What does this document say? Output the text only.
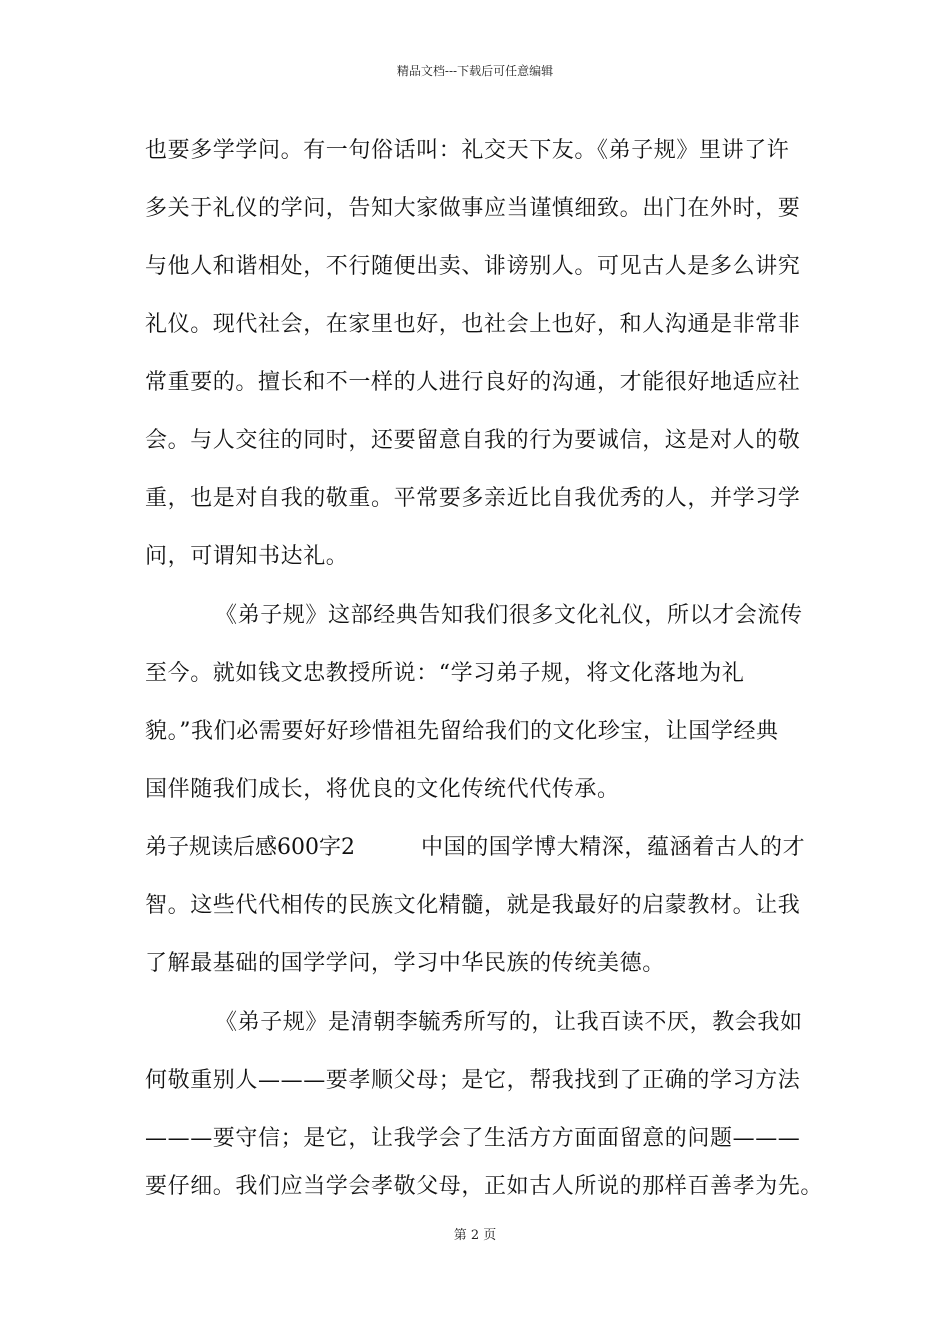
精品文档---下载后可任意编辑
也要多学学问。有一句俗话叫：礼交天下友。《弟子规》里讲了许
多关于礼仪的学问，告知大家做事应当谨慎细致。出门在外时，要
与他人和谐相处，不行随便出卖、诽谤别人。可见古人是多么讲究
礼仪。现代社会，在家里也好，也社会上也好，和人沟通是非常非
常重要的。擅长和不一样的人进行良好的沟通，才能很好地适应社
会。与人交往的同时，还要留意自我的行为要诚信，这是对人的敬
重，也是对自我的敬重。平常要多亲近比自我优秀的人，并学习学
问，可谓知书达礼。
《弟子规》这部经典告知我们很多文化礼仪，所以才会流传
至今。就如钱文忠教授所说：“学习弟子规，将文化落地为礼
貌。”我们必需要好好珍惜祖先留给我们的文化珍宝，让国学经典
国伴随我们成长，将优良的文化传统代代传承。
弟子规读后感600字2	中国的国学博大精深，蕴涵着古人的才
智。这些代代相传的民族文化精髓，就是我最好的启蒙教材。让我
了解最基础的国学学问，学习中华民族的传统美德。
《弟子规》是清朝李毓秀所写的，让我百读不厌，教会我如
何敬重别人———要孝顺父母；是它，帮我找到了正确的学习方法
———要守信；是它，让我学会了生活方方面面留意的问题———
要仔细。我们应当学会孝敬父母，正如古人所说的那样百善孝为先。
第 2 页
